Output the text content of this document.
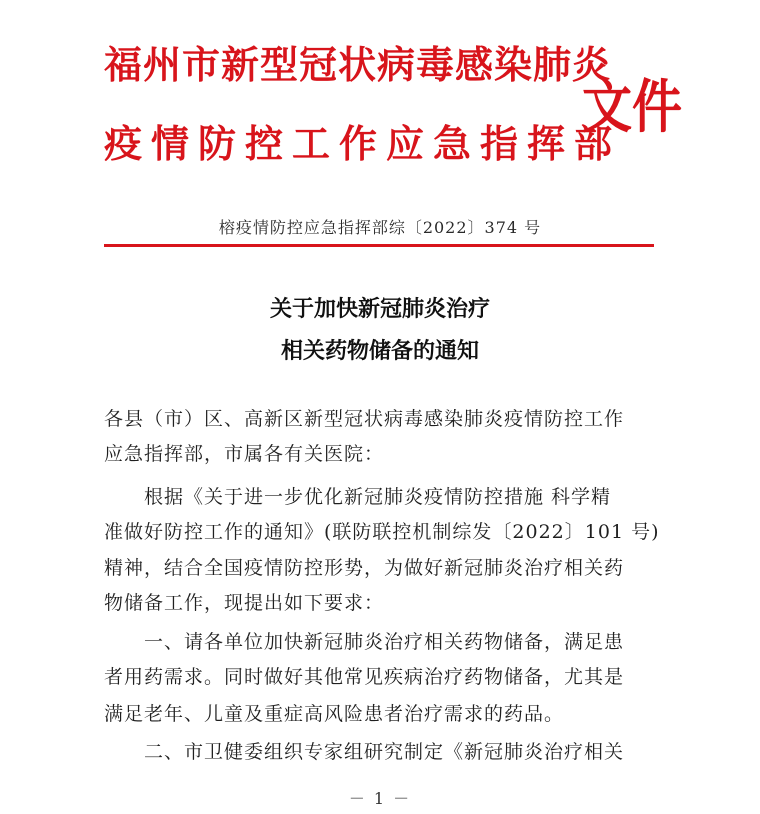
福州市新型冠状病毒感染肺炎
疫情防控工作应急指挥部
文件
榕疫情防控应急指挥部综〔2022〕374 号
关于加快新冠肺炎治疗
相关药物储备的通知
各县（市）区、高新区新型冠状病毒感染肺炎疫情防控工作
应急指挥部，市属各有关医院：
　　根据《关于进一步优化新冠肺炎疫情防控措施 科学精
准做好防控工作的通知》(联防联控机制综发〔2022〕101 号)
精神，结合全国疫情防控形势，为做好新冠肺炎治疗相关药
物储备工作，现提出如下要求：
　　一、请各单位加快新冠肺炎治疗相关药物储备，满足患
者用药需求。同时做好其他常见疾病治疗药物储备，尤其是
满足老年、儿童及重症高风险患者治疗需求的药品。
　　二、市卫健委组织专家组研究制定《新冠肺炎治疗相关
－ 1 －
